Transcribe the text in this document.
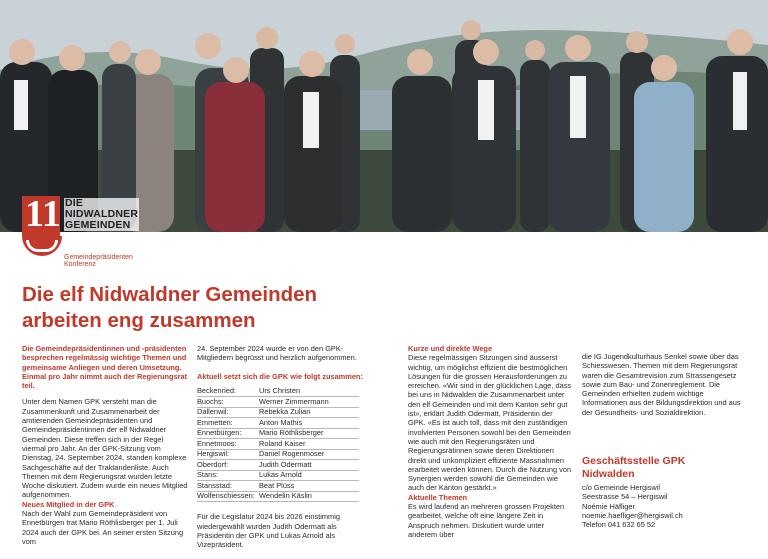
11 DIE
NIDWALDNER
GEMEINDEN
Gemeindepräsidenten
Konferenz
Die elf Nidwaldner Gemeinden
arbeiten eng zusammen

Die Gemeindepräsidentinnen und -präsidenten besprechen regelmässig wichtige Themen und gemeinsame Anliegen und deren Umsetzung. Einmal pro Jahr nimmt auch der Regierungsrat teil.

Unter dem Namen GPK versteht man die Zusammenkunft und Zusammenarbeit der amtierenden Gemeindepräsidenten und Gemeindepräsidentinnen der elf Nidwaldner Gemeinden. Diese treffen sich in der Regel viermal pro Jahr. An der GPK-Sitzung vom Dienstag, 24. September 2024, standen komplexe Sachgeschäfte auf der Traktandenliste. Auch Themen mit dem Regierungsrat wurden letzte Woche diskutiert. Zudem wurde ein neues Mitglied aufgenommen.

Neues Mitglied in der GPK

Nach der Wahl zum Gemeindepräsident von Ennetbürgen trat Mario Röthlisberger per 1. Juli 2024 auch der GPK bei. An seiner ersten Sitzung vom

24. September 2024 wurde er von den GPK-Mitgliedern begrüsst und herzlich aufgenommen.

Aktuell setzt sich die GPK wie folgt zusammen:

Beckenried:	Urs Christen
Buochs:	Werner Zimmermann
Dallenwil:	Rebekka Zulian
Emmetten:	Anton Mathis
Ennetbürgen:	Mario Röthlisberger
Ennetmoos:	Roland Kaiser
Hergiswil:	Daniel Rogenmoser
Oberdorf:	Judith Odermatt
Stans:	Lukas Arnold
Stansstad:	Beat Plüss
Wolfenschiessen:	Wendelin Käslin

Für die Legislatur 2024 bis 2026 einstimmig wiedergewählt wurden Judith Odermatt als Präsidentin der GPK und Lukas Arnold als Vizepräsident.

Kurze und direkte Wege

Diese regelmässigen Sitzungen sind äusserst wichtig, um möglichst effizient die bestmöglichen Lösungen für die grossen Herausforderungen zu erreichen. «Wir sind in der glücklichen Lage, dass bei uns in Nidwalden die Zusammenarbeit unter den elf Gemeinden und mit dem Kanton sehr gut ist», erklärt Judith Odermatt, Präsidentin der GPK. «Es ist auch toll, dass mit den zuständigen involvierten Personen sowohl bei den Gemeinden wie auch mit den Regierungsräten und Regierungsrätinnen sowie deren Direktionen direkt und unkompliziert effiziente Massnahmen erarbeitet werden können. Durch die Nutzung von Synergien werden sowohl die Gemeinden wie auch der Kanton gestärkt.»

Aktuelle Themen

Es wird laufend an mehreren grossen Projekten gearbeitet, welche oft eine längere Zeit in Anspruch nehmen. Diskutiert wurde unter anderem über

die IG Jugendkulturhaus Senkel sowie über das Schiesswesen. Themen mit dem Regierungsrat waren die Gesamtrevision zum Strassengesetz sowie zum Bau- und Zonenreglement. Die Gemeinden erhielten zudem wichtige Informationen aus der Bildungsdirektion und aus der Gesundheits- und Sozialdirektion.

Geschäftsstelle GPK
Nidwalden
c/o Gemeinde Hergiswil
Seestrasse 54 – Hergiswil
Noémie Häfliger
noemie.haefliger@hergiswil.ch
Telefon 041 632 65 52
